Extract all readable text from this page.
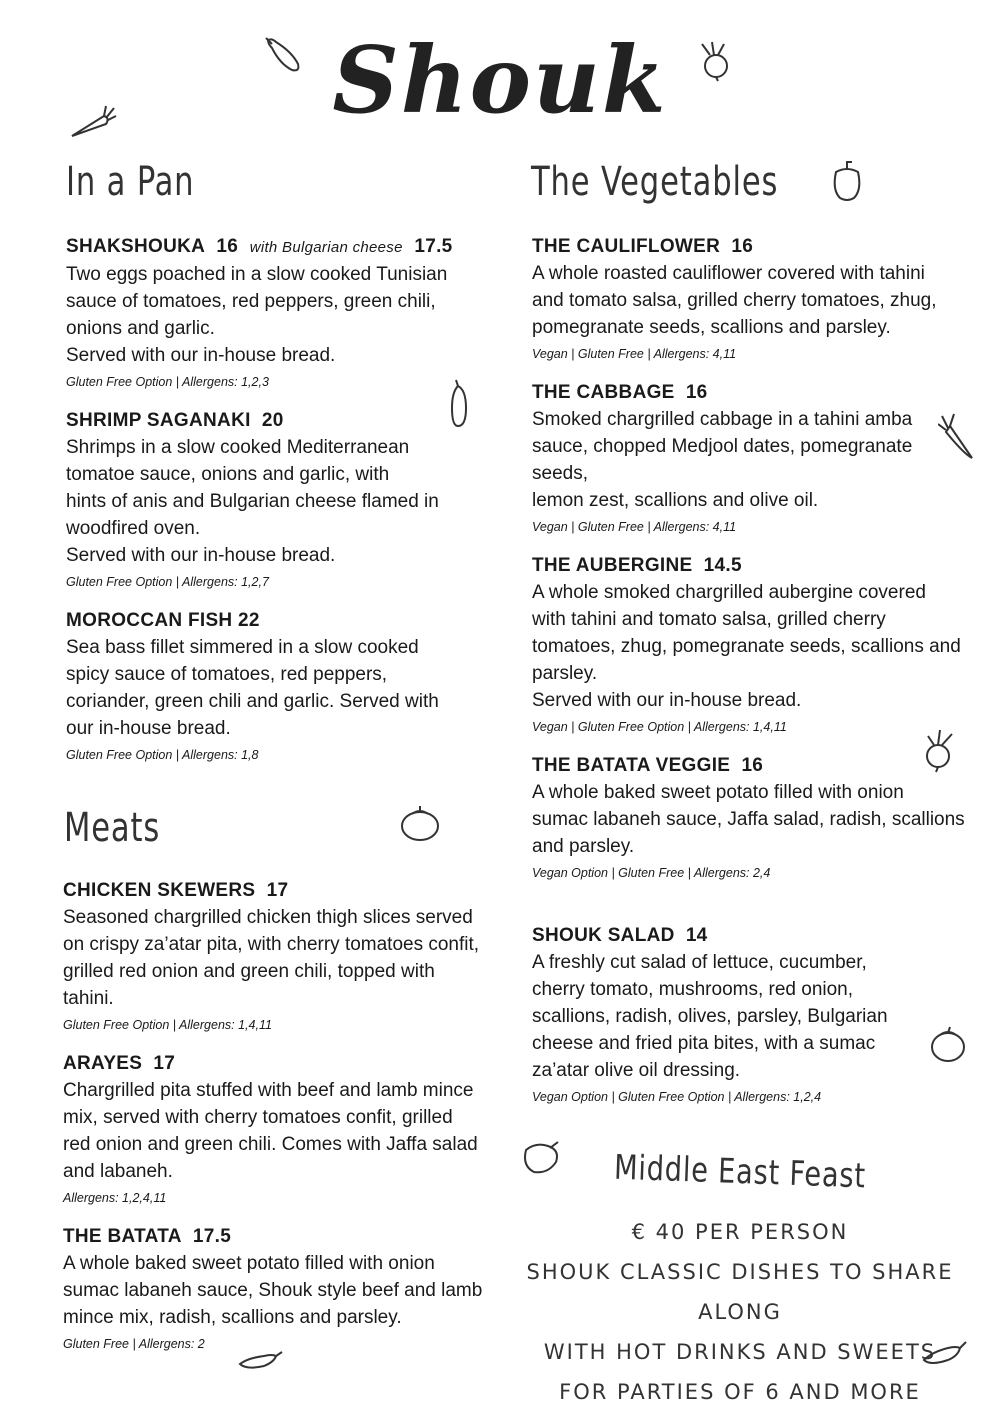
Shouk
In a Pan	The Vegetables
Meats
SHAKSHOUKA 16 with Bulgarian cheese 17.5

Two eggs poached in a slow cooked Tunisian
sauce of tomatoes, red peppers, green chili,
onions and garlic.
Served with our in-house bread.

Gluten Free Option | Allergens: 1,2,3
SHRIMP SAGANAKI 20

Shrimps in a slow cooked Mediterranean
tomatoe sauce, onions and garlic, with
hints of anis and Bulgarian cheese flamed in
woodfired oven.
Served with our in-house bread.

Gluten Free Option | Allergens: 1,2,7
MOROCCAN FISH 22

Sea bass fillet simmered in a slow cooked
spicy sauce of tomatoes, red peppers,
coriander, green chili and garlic. Served with
our in-house bread.

Gluten Free Option | Allergens: 1,8
CHICKEN SKEWERS 17

Seasoned chargrilled chicken thigh slices served
on crispy za’atar pita, with cherry tomatoes confit,
grilled red onion and green chili, topped with
tahini.

Gluten Free Option | Allergens: 1,4,11
ARAYES 17

Chargrilled pita stuffed with beef and lamb mince
mix, served with cherry tomatoes confit, grilled
red onion and green chili. Comes with Jaffa salad
and labaneh.

Allergens: 1,2,4,11
THE BATATA 17.5

A whole baked sweet potato filled with onion
sumac labaneh sauce, Shouk style beef and lamb
mince mix, radish, scallions and parsley.

Gluten Free | Allergens: 2
THE CAULIFLOWER 16

A whole roasted cauliflower covered with tahini
and tomato salsa, grilled cherry tomatoes, zhug,
pomegranate seeds, scallions and parsley.

Vegan | Gluten Free | Allergens: 4,11
THE CABBAGE 16

Smoked chargrilled cabbage in a tahini amba
sauce, chopped Medjool dates, pomegranate
seeds,
lemon zest, scallions and olive oil.

Vegan | Gluten Free | Allergens: 4,11
THE AUBERGINE 14.5

A whole smoked chargrilled aubergine covered
with tahini and tomato salsa, grilled cherry
tomatoes, zhug, pomegranate seeds, scallions and
parsley.
Served with our in-house bread.

Vegan | Gluten Free Option | Allergens: 1,4,11
THE BATATA VEGGIE 16

A whole baked sweet potato filled with onion
sumac labaneh sauce, Jaffa salad, radish, scallions
and parsley.

Vegan Option | Gluten Free | Allergens: 2,4
SHOUK SALAD 14

A freshly cut salad of lettuce, cucumber,
cherry tomato, mushrooms, red onion,
scallions, radish, olives, parsley, Bulgarian
cheese and fried pita bites, with a sumac
za’atar olive oil dressing.

Vegan Option | Gluten Free Option | Allergens: 1,2,4
Middle East Feast
€ 40 PER PERSON
SHOUK CLASSIC DISHES TO SHARE ALONG
WITH HOT DRINKS AND SWEETS
FOR PARTIES OF 6 AND MORE
